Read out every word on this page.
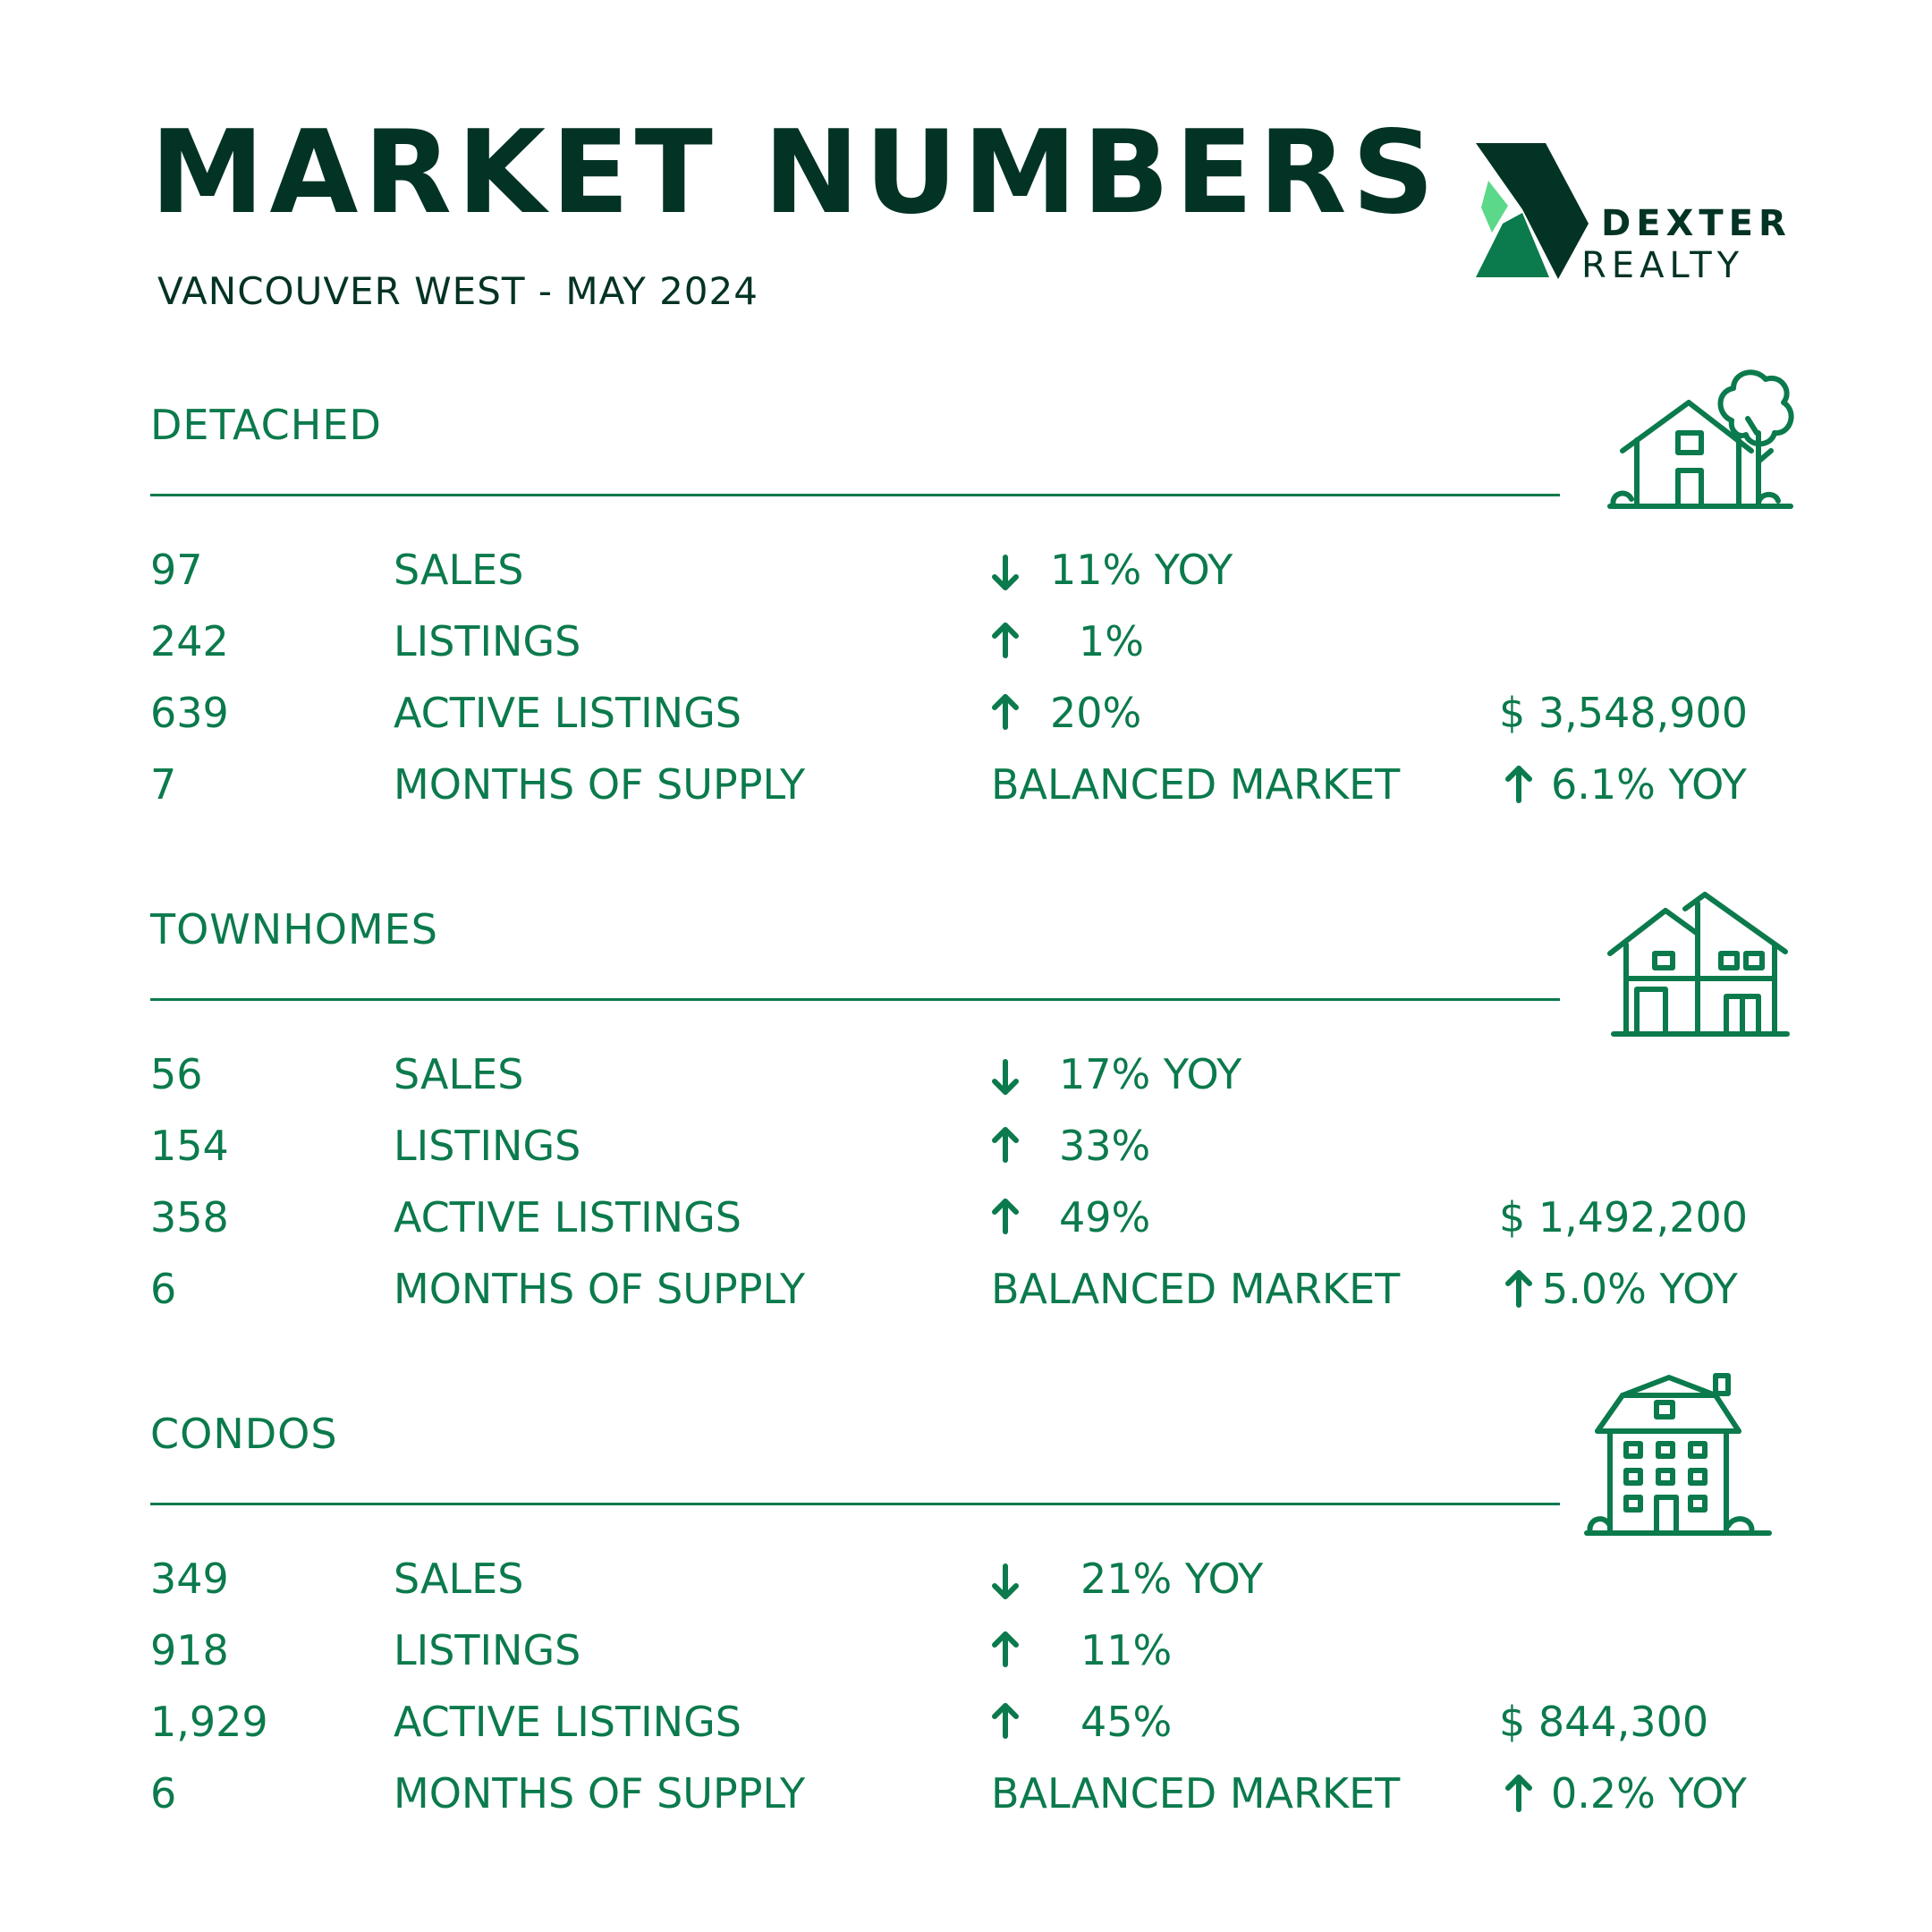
MARKET NUMBERS
VANCOUVER WEST - MAY 2024
DEXTER
REALTY
DETACHED
97	SALES	11% YOY
242	LISTINGS	1%
639	ACTIVE LISTINGS	20%	$ 3,548,900
7	MONTHS OF SUPPLY	BALANCED MARKET	6.1% YOY
TOWNHOMES
56	SALES	17% YOY
154	LISTINGS	33%
358	ACTIVE LISTINGS	49%	$ 1,492,200
6	MONTHS OF SUPPLY	BALANCED MARKET	5.0% YOY
CONDOS
349	SALES	21% YOY
918	LISTINGS	11%
1,929	ACTIVE LISTINGS	45%	$ 844,300
6	MONTHS OF SUPPLY	BALANCED MARKET	0.2% YOY
